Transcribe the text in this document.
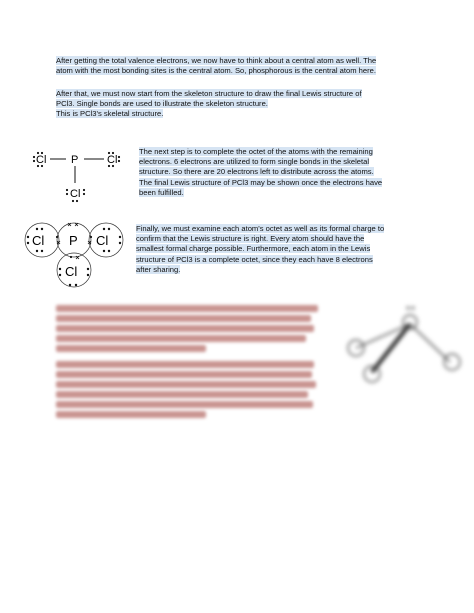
After getting the total valence electrons, we now have to think about a central atom as well. The
atom with the most bonding sites is the central atom. So, phosphorous is the central atom here.
After that, we must now start from the skeleton structure to draw the final Lewis structure of
PCl3. Single bonds are used to illustrate the skeleton structure.
This is PCl3's skeletal structure.
Cl P	Cl
Cl
The next step is to complete the octet of the atoms with the remaining
electrons. 6 electrons are utilized to form single bonds in the skeletal
structure. So there are 20 electrons left to distribute across the atoms.
The final Lewis structure of PCl3 may be shown once the electrons have
been fulfilled.
Cl P Cl
Cl
Finally, we must examine each atom's octet as well as its formal charge to
confirm that the Lewis structure is right. Every atom should have the
smallest formal charge possible. Furthermore, each atom in the Lewis
structure of PCl3 is a complete octet, since they each have 8 electrons
after sharing.
